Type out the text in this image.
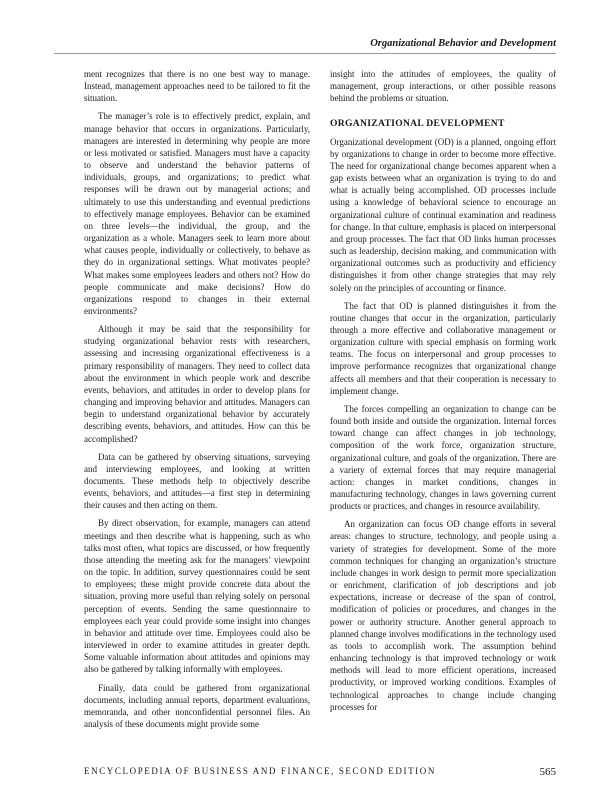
Organizational Behavior and Development

ment recognizes that there is no one best way to manage. Instead, management approaches need to be tailored to fit the situation.

The manager’s role is to effectively predict, explain, and manage behavior that occurs in organizations. Particularly, managers are interested in determining why people are more or less motivated or satisfied. Managers must have a capacity to observe and understand the behavior patterns of individuals, groups, and organizations; to predict what responses will be drawn out by managerial actions; and ultimately to use this understanding and eventual predictions to effectively manage employees. Behavior can be examined on three levels—the individual, the group, and the organization as a whole. Managers seek to learn more about what causes people, individually or collectively, to behave as they do in organizational settings. What motivates people? What makes some employees leaders and others not? How do people communicate and make decisions? How do organizations respond to changes in their external environments?

Although it may be said that the responsibility for studying organizational behavior rests with researchers, assessing and increasing organizational effectiveness is a primary responsibility of managers. They need to collect data about the environment in which people work and describe events, behaviors, and attitudes in order to develop plans for changing and improving behavior and attitudes. Managers can begin to understand organizational behavior by accurately describing events, behaviors, and attitudes. How can this be accomplished?

Data can be gathered by observing situations, surveying and interviewing employees, and looking at written documents. These methods help to objectively describe events, behaviors, and attitudes—a first step in determining their causes and then acting on them.

By direct observation, for example, managers can attend meetings and then describe what is happening, such as who talks most often, what topics are discussed, or how frequently those attending the meeting ask for the managers’ viewpoint on the topic. In addition, survey questionnaires could be sent to employees; these might provide concrete data about the situation, proving more useful than relying solely on personal perception of events. Sending the same questionnaire to employees each year could provide some insight into changes in behavior and attitude over time. Employees could also be interviewed in order to examine attitudes in greater depth. Some valuable information about attitudes and opinions may also be gathered by talking informally with employees.

Finally, data could be gathered from organizational documents, including annual reports, department evaluations, memoranda, and other nonconfidential personnel files. An analysis of these documents might provide some

insight into the attitudes of employees, the quality of management, group interactions, or other possible reasons behind the problems or situation.

ORGANIZATIONAL DEVELOPMENT

Organizational development (OD) is a planned, ongoing effort by organizations to change in order to become more effective. The need for organizational change becomes apparent when a gap exists between what an organization is trying to do and what is actually being accomplished. OD processes include using a knowledge of behavioral science to encourage an organizational culture of continual examination and readiness for change. In that culture, emphasis is placed on interpersonal and group processes. The fact that OD links human processes such as leadership, decision making, and communication with organizational outcomes such as productivity and efficiency distinguishes it from other change strategies that may rely solely on the principles of accounting or finance.

The fact that OD is planned distinguishes it from the routine changes that occur in the organization, particularly through a more effective and collaborative management or organization culture with special emphasis on forming work teams. The focus on interpersonal and group processes to improve performance recognizes that organizational change affects all members and that their cooperation is necessary to implement change.

The forces compelling an organization to change can be found both inside and outside the organization. Internal forces toward change can affect changes in job technology, composition of the work force, organization structure, organizational culture, and goals of the organization. There are a variety of external forces that may require managerial action: changes in market conditions, changes in manufacturing technology, changes in laws governing current products or practices, and changes in resource availability.

An organization can focus OD change efforts in several areas: changes to structure, technology, and people using a variety of strategies for development. Some of the more common techniques for changing an organization’s structure include changes in work design to permit more specialization or enrichment, clarification of job descriptions and job expectations, increase or decrease of the span of control, modification of policies or procedures, and changes in the power or authority structure. Another general approach to planned change involves modifications in the technology used as tools to accomplish work. The assumption behind enhancing technology is that improved technology or work methods will lead to more efficient operations, increased productivity, or improved working conditions. Examples of technological approaches to change include changing processes for

ENCYCLOPEDIA OF BUSINESS AND FINANCE, SECOND EDITION	565
